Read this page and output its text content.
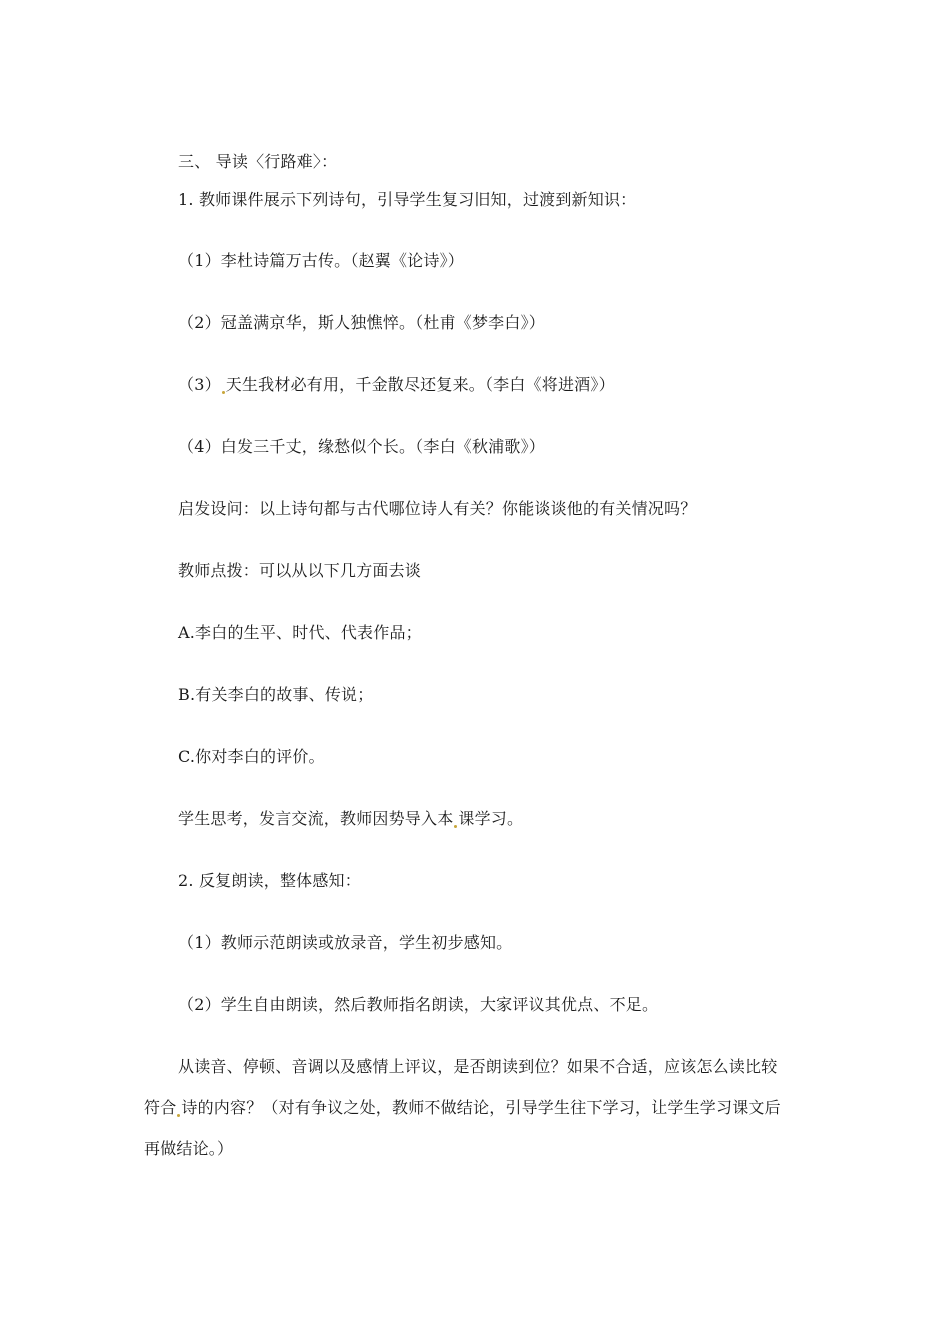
三、 导读〈行路难〉：
1. 教师课件展示下列诗句，引导学生复习旧知，过渡到新知识：
（1）李杜诗篇万古传。（赵翼《论诗》）
（2）冠盖满京华，斯人独憔悴。（杜甫《梦李白》）
（3） 天生我材必有用，千金散尽还复来。（李白《将进酒》）
（4）白发三千丈，缘愁似个长。（李白《秋浦歌》）
启发设问：以上诗句都与古代哪位诗人有关？你能谈谈他的有关情况吗？
教师点拨：可以从以下几方面去谈
A.李白的生平、时代、代表作品；
B.有关李白的故事、传说；
C.你对李白的评价。
学生思考，发言交流，教师因势导入本 课学习。
2. 反复朗读，整体感知：
（1）教师示范朗读或放录音，学生初步感知。
（2）学生自由朗读，然后教师指名朗读，大家评议其优点、不足。
从读音、停顿、音调以及感情上评议，是否朗读到位？如果不合适，应该怎么读比较
符合 诗的内容？（对有争议之处，教师不做结论，引导学生往下学习，让学生学习课文后
再做结论。）
